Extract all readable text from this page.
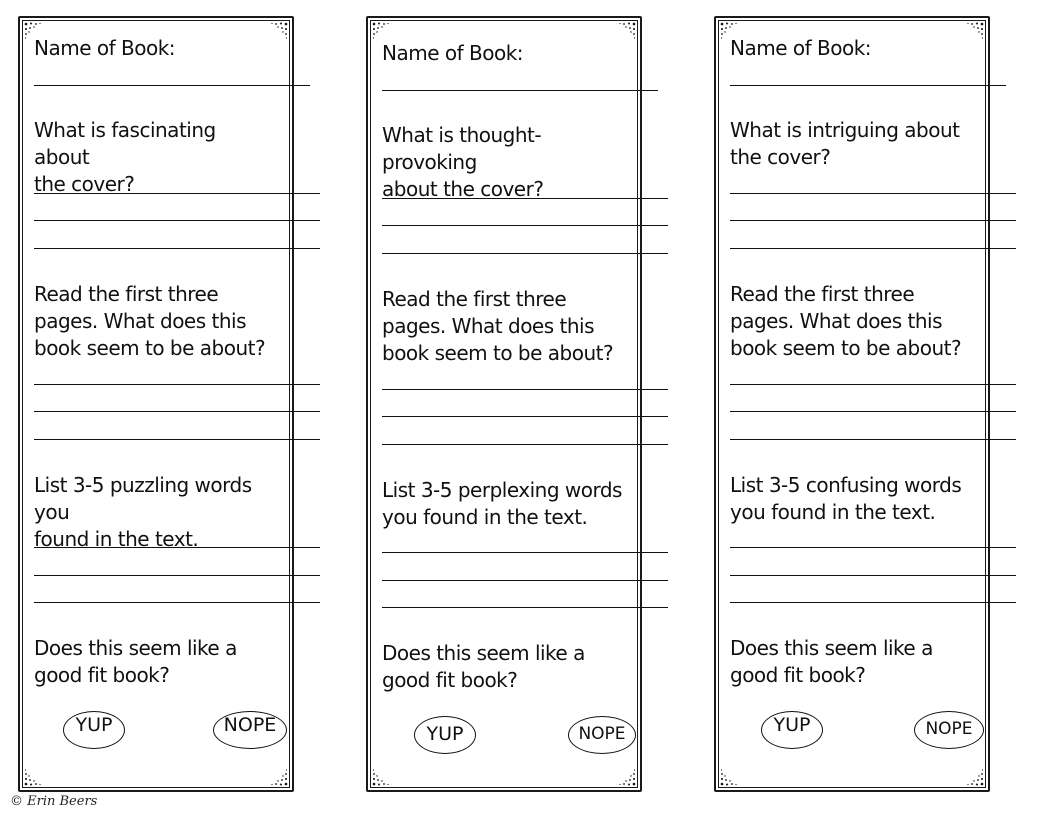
Name of Book:
What is fascinating about
the cover?
Read the first three
pages. What does this
book seem to be about?
List 3-5 puzzling words you
found in the text.
Does this seem like a
good fit book?
YUP	NOPE
Name of Book:
What is thought-provoking
about the cover?
Read the first three
pages. What does this
book seem to be about?
List 3-5 perplexing words
you found in the text.
Does this seem like a
good fit book?
YUP	NOPE
Name of Book:
What is intriguing about
the cover?
Read the first three
pages. What does this
book seem to be about?
List 3-5 confusing words
you found in the text.
Does this seem like a
good fit book?
YUP	NOPE
© Erin Beers
